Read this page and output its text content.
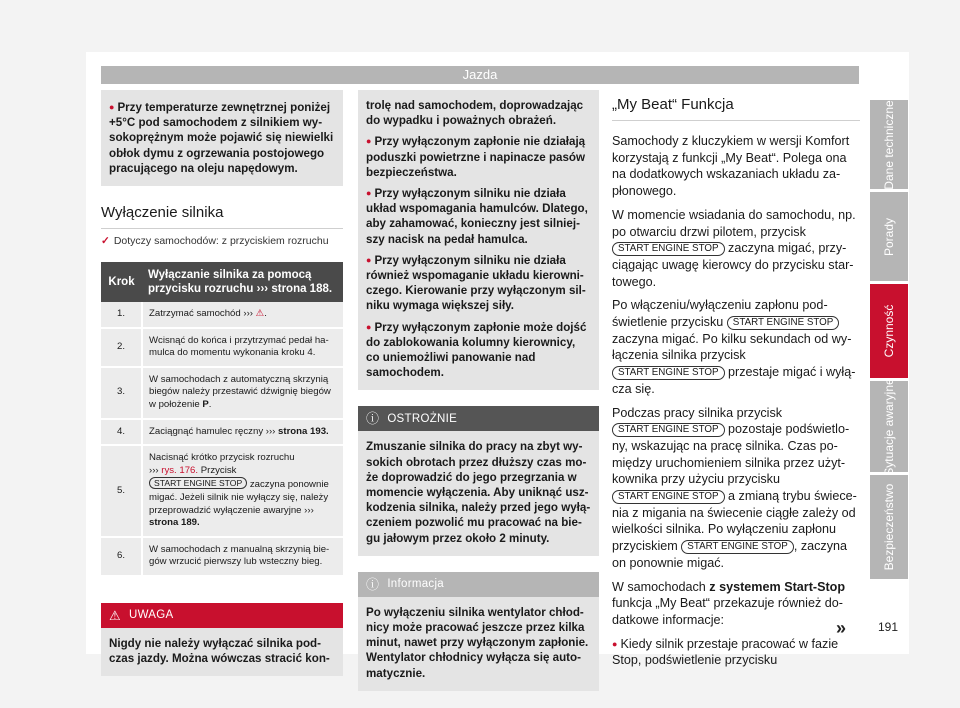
Jazda

● Przy temperaturze zewnętrznej poniżej +5°C pod samochodem z silnikiem wysokoprężnym może pojawić się niewielki obłok dymu z ogrzewania postojowego pracującego na oleju napędowym.

Wyłączenie silnika
✓ Dotyczy samochodów: z przyciskiem rozruchu
Krok	Wyłączanie silnika za pomocą
przycisku rozruchu ››› strona 188.
1.	Zatrzymać samochód ››› ⚠.
2.	Wcisnąć do końca i przytrzymać pedał hamulca do momentu wykonania kroku 4.
3.	W samochodach z automatyczną skrzynią biegów należy przestawić dźwignię biegów w położenie P.
4.	Zaciągnąć hamulec ręczny ››› strona 193.
5.	Nacisnąć krótko przycisk rozruchu
››› rys. 176. Przycisk START ENGINE STOP zaczyna ponownie migać. Jeżeli silnik nie wyłączy się, należy przeprowadzić wyłączenie awaryjne ››› strona 189.
6.	W samochodach z manualną skrzynią biegów wrzucić pierwszy lub wsteczny bieg.
⚠ UWAGA

Nigdy nie należy wyłączać silnika podczas jazdy. Można wówczas stracić kon-

trolę nad samochodem, doprowadzając do wypadku i poważnych obrażeń.

● Przy wyłączonym zapłonie nie działają poduszki powietrzne i napinacze pasów bezpieczeństwa.

● Przy wyłączonym silniku nie działa układ wspomagania hamulców. Dlatego, aby zahamować, konieczny jest silniejszy nacisk na pedał hamulca.

● Przy wyłączonym silniku nie działa również wspomaganie układu kierowniczego. Kierowanie przy wyłączonym silniku wymaga większej siły.

● Przy wyłączonym zapłonie może dojść do zablokowania kolumny kierownicy, co uniemożliwi panowanie nad samochodem.

ⓘ OSTROŻNIE

Zmuszanie silnika do pracy na zbyt wysokich obrotach przez dłuższy czas może doprowadzić do jego przegrzania w momencie wyłączenia. Aby uniknąć uszkodzenia silnika, należy przed jego wyłączeniem pozwolić mu pracować na biegu jałowym przez około 2 minuty.

ⓘ Informacja

Po wyłączeniu silnika wentylator chłodnicy może pracować jeszcze przez kilka minut, nawet przy wyłączonym zapłonie. Wentylator chłodnicy wyłącza się automatycznie.

„My Beat“ Funkcja

Samochody z kluczykiem w wersji Komfort korzystają z funkcji „My Beat“. Polega ona na dodatkowych wskazaniach układu zapłonowego.

W momencie wsiadania do samochodu, np. po otwarciu drzwi pilotem, przycisk
START ENGINE STOP zaczyna migać, przyciągając uwagę kierowcy do przycisku startowego.

Po włączeniu/wyłączeniu zapłonu podświetlenie przycisku START ENGINE STOP zaczyna migać. Po kilku sekundach od wyłączenia silnika przycisk START ENGINE STOP przestaje migać i wyłącza się.

Podczas pracy silnika przycisk START ENGINE STOP pozostaje podświetlony, wskazując na pracę silnika. Czas pomiędzy uruchomieniem silnika przez użytkownika przy użyciu przycisku START ENGINE STOP a zmianą trybu świecenia z migania na świecenie ciągłe zależy od wielkości silnika. Po wyłączeniu zapłonu przyciskiem START ENGINE STOP , zaczyna on ponownie migać.

W samochodach z systemem Start-Stop funkcja „My Beat“ przekazuje również dodatkowe informacje:

● Kiedy silnik przestaje pracować w fazie Stop, podświetlenie przycisku

»	191
Dane techniczne
Porady
Czynność
Sytuacje awaryjne
Bezpieczeństwo
